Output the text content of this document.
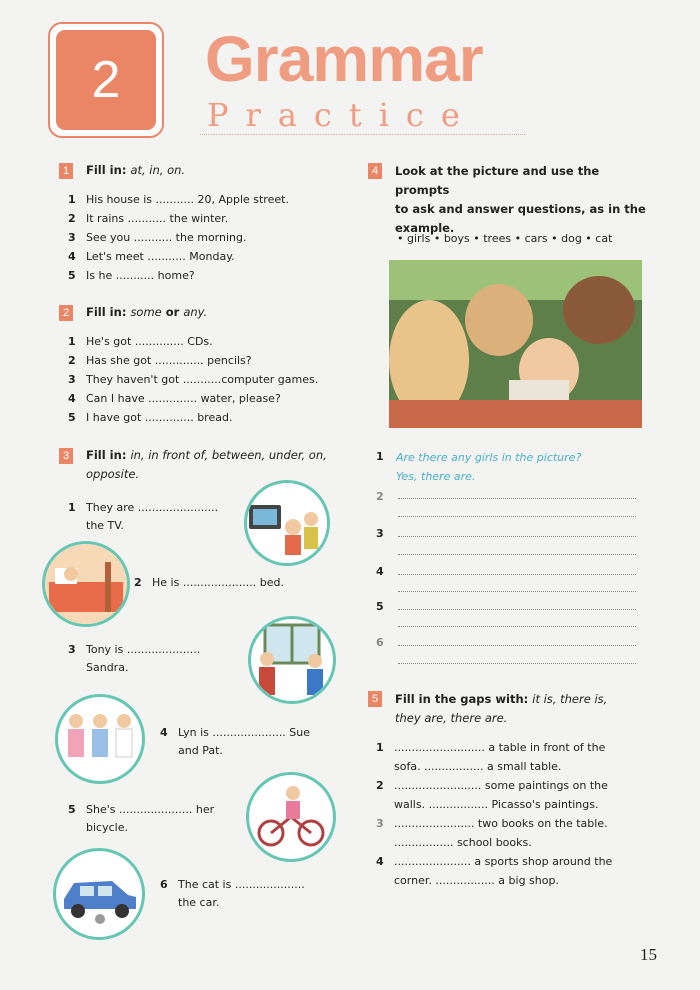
2	Grammar
Practice
1	Fill in: at, in, on.
1 His house is ........... 20, Apple street.
2 It rains ........... the winter.
3 See you ........... the morning.
4 Let's meet ........... Monday.
5 Is he ........... home?
2	Fill in: some or any.
1 He's got .............. CDs.
2 Has she got .............. pencils?
3 They haven't got ...........computer games.
4 Can I have .............. water, please?
5 I have got .............. bread.
3	Fill in: in, in front of, between, under, on,
opposite.
1 They are .......................
the TV.
2 He is ..................... bed.
3 Tony is .....................
Sandra.
4 Lyn is ..................... Sue
and Pat.
5 She's ..................... her
bicycle.
6 The cat is ....................
the car.
4	Look at the picture and use the prompts
to ask and answer questions, as in the
example.
• girls • boys • trees • cars • dog • cat
1 Are there any girls in the picture?
Yes, there are.
2
3
4
5
6
5	Fill in the gaps with: it is, there is,
they are, there are.
1 .......................... a table in front of the
sofa. ................. a small table.
2 ......................... some paintings on the
walls. ................. Picasso's paintings.
3 ....................... two books on the table.
................. school books.
4 ...................... a sports shop around the
corner. ................. a big shop.
15
